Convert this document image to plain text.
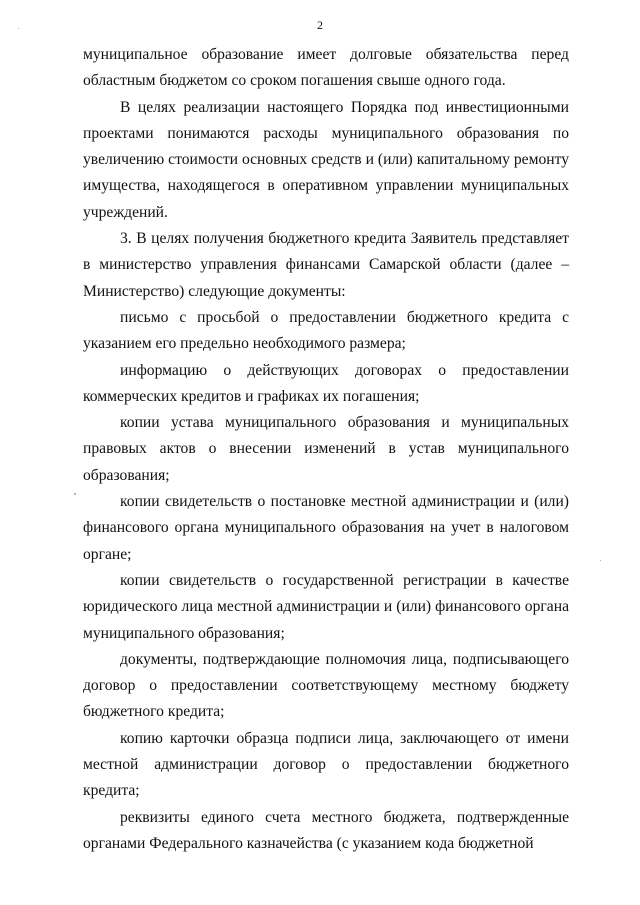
2

муниципальное образование имеет долговые обязательства перед областным бюджетом со сроком погашения свыше одного года.

В целях реализации настоящего Порядка под инвестиционными проектами понимаются расходы муниципального образования по увеличению стоимости основных средств и (или) капитальному ремонту имущества, находящегося в оперативном управлении муниципальных учреждений.

3. В целях получения бюджетного кредита Заявитель представляет в министерство управления финансами Самарской области (далее – Министерство) следующие документы:

письмо с просьбой о предоставлении бюджетного кредита с указанием его предельно необходимого размера;

информацию о действующих договорах о предоставлении коммерческих кредитов и графиках их погашения;

копии устава муниципального образования и муниципальных правовых актов о внесении изменений в устав муниципального образования;

копии свидетельств о постановке местной администрации и (или) финансового органа муниципального образования на учет в налоговом органе;

копии свидетельств о государственной регистрации в качестве юридического лица местной администрации и (или) финансового органа муниципального образования;

документы, подтверждающие полномочия лица, подписывающего договор о предоставлении соответствующему местному бюджету бюджетного кредита;

копию карточки образца подписи лица, заключающего от имени местной администрации договор о предоставлении бюджетного кредита;

реквизиты единого счета местного бюджета, подтвержденные органами Федерального казначейства (с указанием кода бюджетной
